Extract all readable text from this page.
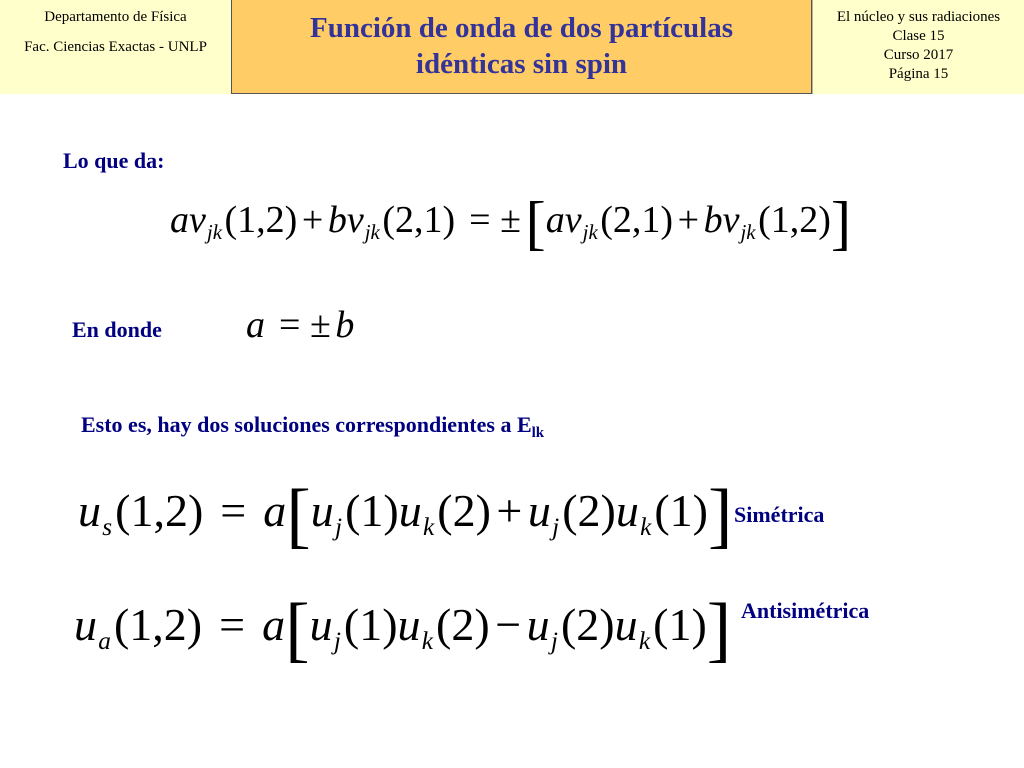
Departamento de Física
Fac. Ciencias Exactas - UNLP
Función de onda de dos partículas
idénticas sin spin
El núcleo y sus radiaciones
Clase 15
Curso 2017
Página 15
Lo que da:
En donde
Esto es, hay dos soluciones correspondientes a $E_{lk}$
Simétrica
Antisimétrica
avjk(1,2) + bvjk(2,1) = ±[avjk(2,1) + bvjk(1,2)]
a = ± b
us(1,2) = a[uj(1)uk(2) + uj(2)uk(1)]
ua(1,2) = a[uj(1)uk(2) − uj(2)uk(1)]
